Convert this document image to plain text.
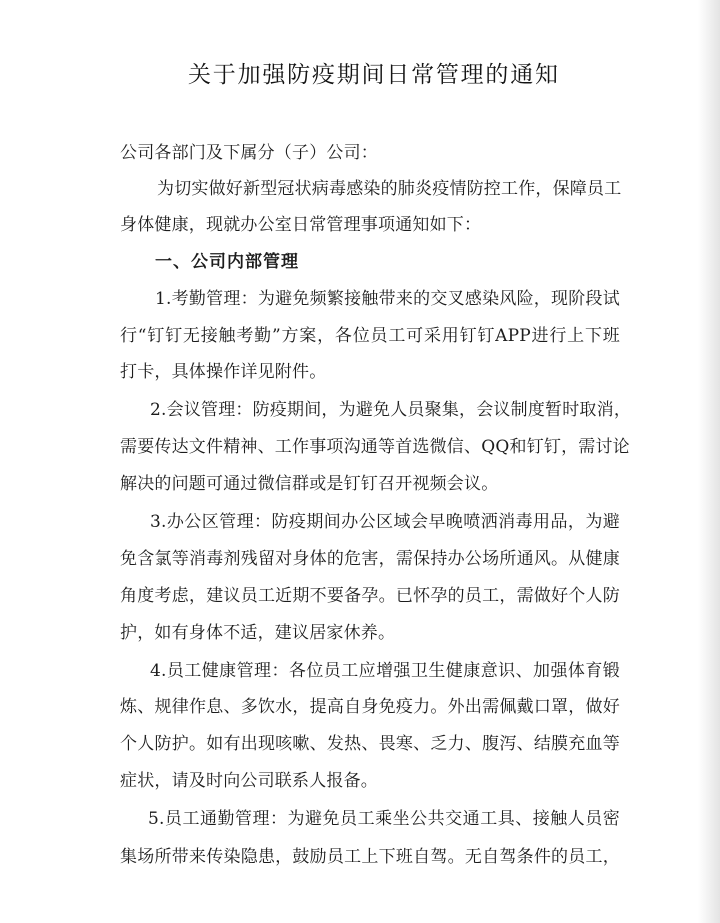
关于加强防疫期间日常管理的通知
公司各部门及下属分（子）公司：
为切实做好新型冠状病毒感染的肺炎疫情防控工作，保障员工
身体健康，现就办公室日常管理事项通知如下：
一、公司内部管理
1.考勤管理：为避免频繁接触带来的交叉感染风险，现阶段试
行“钉钉无接触考勤”方案，各位员工可采用钉钉APP进行上下班
打卡，具体操作详见附件。
2.会议管理：防疫期间，为避免人员聚集，会议制度暂时取消，
需要传达文件精神、工作事项沟通等首选微信、QQ和钉钉，需讨论
解决的问题可通过微信群或是钉钉召开视频会议。
3.办公区管理：防疫期间办公区域会早晚喷洒消毒用品，为避
免含氯等消毒剂残留对身体的危害，需保持办公场所通风。从健康
角度考虑，建议员工近期不要备孕。已怀孕的员工，需做好个人防
护，如有身体不适，建议居家休养。
4.员工健康管理：各位员工应增强卫生健康意识、加强体育锻
炼、规律作息、多饮水，提高自身免疫力。外出需佩戴口罩，做好
个人防护。如有出现咳嗽、发热、畏寒、乏力、腹泻、结膜充血等
症状，请及时向公司联系人报备。
5.员工通勤管理：为避免员工乘坐公共交通工具、接触人员密
集场所带来传染隐患，鼓励员工上下班自驾。无自驾条件的员工，
